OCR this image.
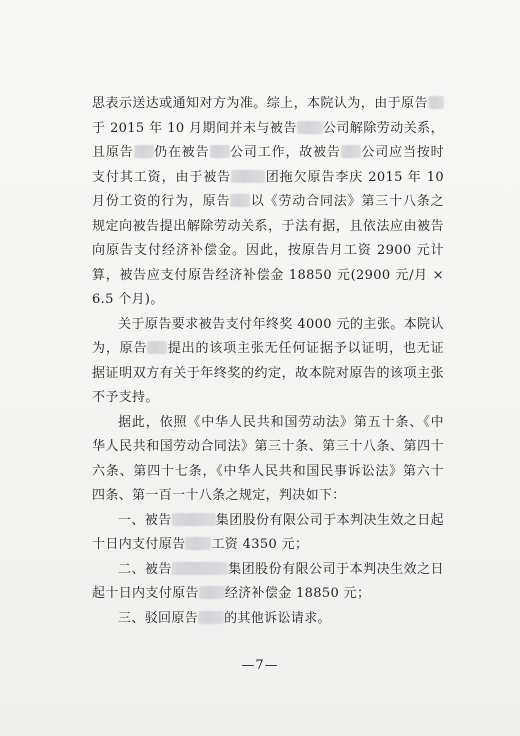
思表示送达或通知对方为准。综上，本院认为，由于原告于 2015 年 10 月期间并未与被告 公司解除劳动关系，且原告 仍在被告 公司工作，故被告 公司应当按时支付其工资，由于被告	团拖欠原告李庆 2015 年 10 月份工资的行为，原告 以《劳动合同法》第三十八条之规定向被告提出解除劳动关系，于法有据，且依法应由被告向原告支付经济补偿金。因此，按原告月工资 2900 元计算，被告应支付原告经济补偿金 18850 元(2900 元/月 × 6.5 个月)。

关于原告要求被告支付年终奖 4000 元的主张。本院认为，原告 提出的该项主张无任何证据予以证明，也无证据证明双方有关于年终奖的约定，故本院对原告的该项主张不予支持。

据此，依照《中华人民共和国劳动法》第五十条、《中华人民共和国劳动合同法》第三十条、第三十八条、第四十六条、第四十七条，《中华人民共和国民事诉讼法》第六十四条、第一百一十八条之规定，判决如下：

一、被告	集团股份有限公司于本判决生效之日起十日内支付原告 工资 4350 元；

二、被告	集团股份有限公司于本判决生效之日起十日内支付原告 经济补偿金 18850 元；

三、驳回原告 的其他诉讼请求。

—7—
